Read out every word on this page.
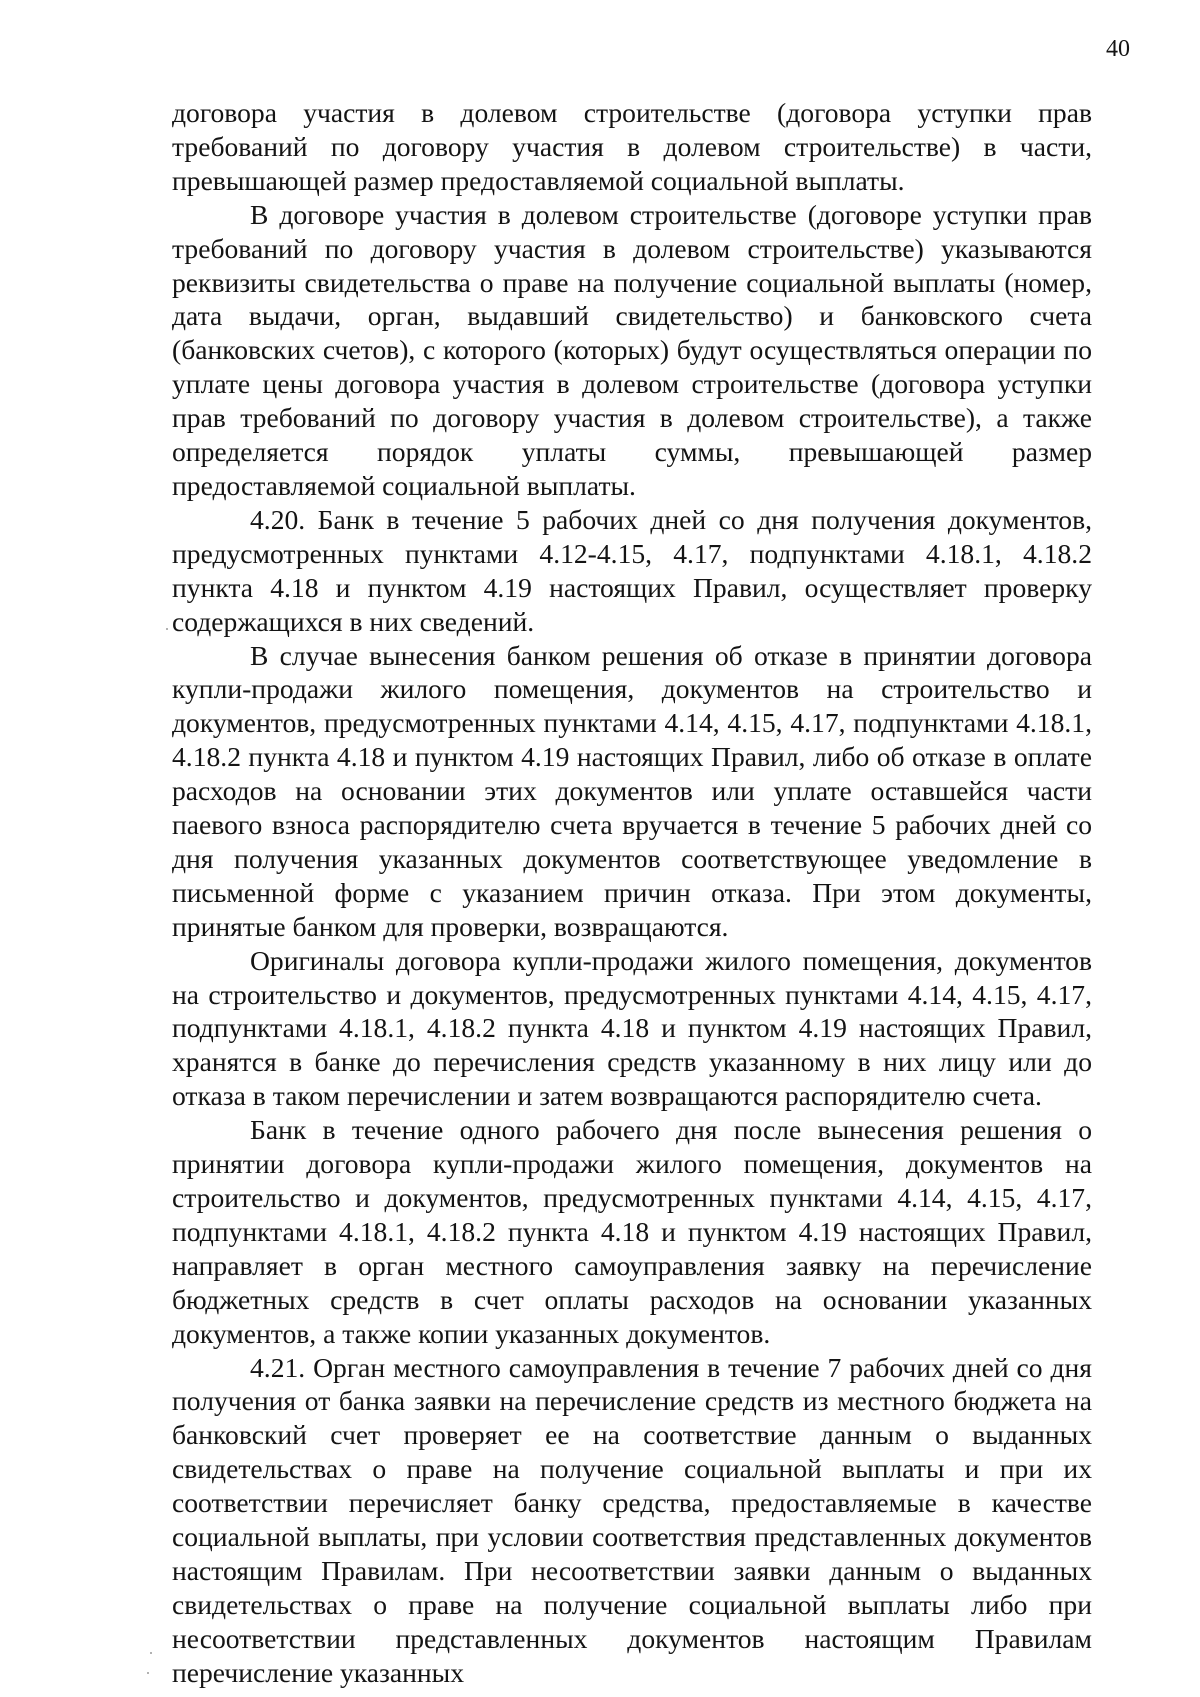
40

договора участия в долевом строительстве (договора уступки прав требований по договору участия в долевом строительстве) в части, превышающей размер предоставляемой социальной выплаты.

В договоре участия в долевом строительстве (договоре уступки прав требований по договору участия в долевом строительстве) указываются реквизиты свидетельства о праве на получение социальной выплаты (номер, дата выдачи, орган, выдавший свидетельство) и банковского счета (банковских счетов), с которого (которых) будут осуществляться операции по уплате цены договора участия в долевом строительстве (договора уступки прав требований по договору участия в долевом строительстве), а также определяется порядок уплаты суммы, превышающей размер предоставляемой социальной выплаты.

4.20. Банк в течение 5 рабочих дней со дня получения документов, предусмотренных пунктами 4.12-4.15, 4.17, подпунктами 4.18.1, 4.18.2 пункта 4.18 и пунктом 4.19 настоящих Правил, осуществляет проверку содержащихся в них сведений.

В случае вынесения банком решения об отказе в принятии договора купли-продажи жилого помещения, документов на строительство и документов, предусмотренных пунктами 4.14, 4.15, 4.17, подпунктами 4.18.1, 4.18.2 пункта 4.18 и пунктом 4.19 настоящих Правил, либо об отказе в оплате расходов на основании этих документов или уплате оставшейся части паевого взноса распорядителю счета вручается в течение 5 рабочих дней со дня получения указанных документов соответствующее уведомление в письменной форме с указанием причин отказа. При этом документы, принятые банком для проверки, возвращаются.

Оригиналы договора купли-продажи жилого помещения, документов на строительство и документов, предусмотренных пунктами 4.14, 4.15, 4.17, подпунктами 4.18.1, 4.18.2 пункта 4.18 и пунктом 4.19 настоящих Правил, хранятся в банке до перечисления средств указанному в них лицу или до отказа в таком перечислении и затем возвращаются распорядителю счета.

Банк в течение одного рабочего дня после вынесения решения о принятии договора купли-продажи жилого помещения, документов на строительство и документов, предусмотренных пунктами 4.14, 4.15, 4.17, подпунктами 4.18.1, 4.18.2 пункта 4.18 и пунктом 4.19 настоящих Правил, направляет в орган местного самоуправления заявку на перечисление бюджетных средств в счет оплаты расходов на основании указанных документов, а также копии указанных документов.

4.21. Орган местного самоуправления в течение 7 рабочих дней со дня получения от банка заявки на перечисление средств из местного бюджета на банковский счет проверяет ее на соответствие данным о выданных свидетельствах о праве на получение социальной выплаты и при их соответствии перечисляет банку средства, предоставляемые в качестве социальной выплаты, при условии соответствия представленных документов настоящим Правилам. При несоответствии заявки данным о выданных свидетельствах о праве на получение социальной выплаты либо при несоответствии представленных документов настоящим Правилам перечисление указанных
